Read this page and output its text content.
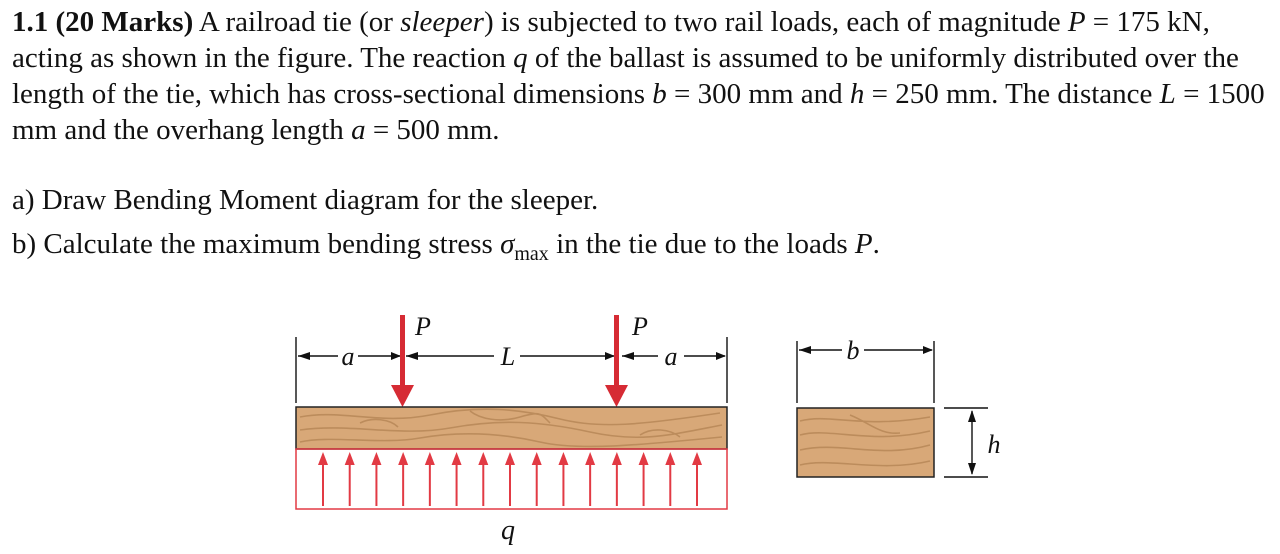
1.1 (20 Marks) A railroad tie (or sleeper) is subjected to two rail loads, each of magnitude P = 175 kN, acting as shown in the figure. The reaction q of the ballast is assumed to be uniformly distributed over the length of the tie, which has cross-sectional dimensions b = 300 mm and h = 250 mm. The distance L = 1500 mm and the overhang length a = 500 mm.

a) Draw Bending Moment diagram for the sleeper.

b) Calculate the maximum bending stress $\sigma_{max}$ in the tie due to the loads P.

a	L	a	b
h
P	P
q
